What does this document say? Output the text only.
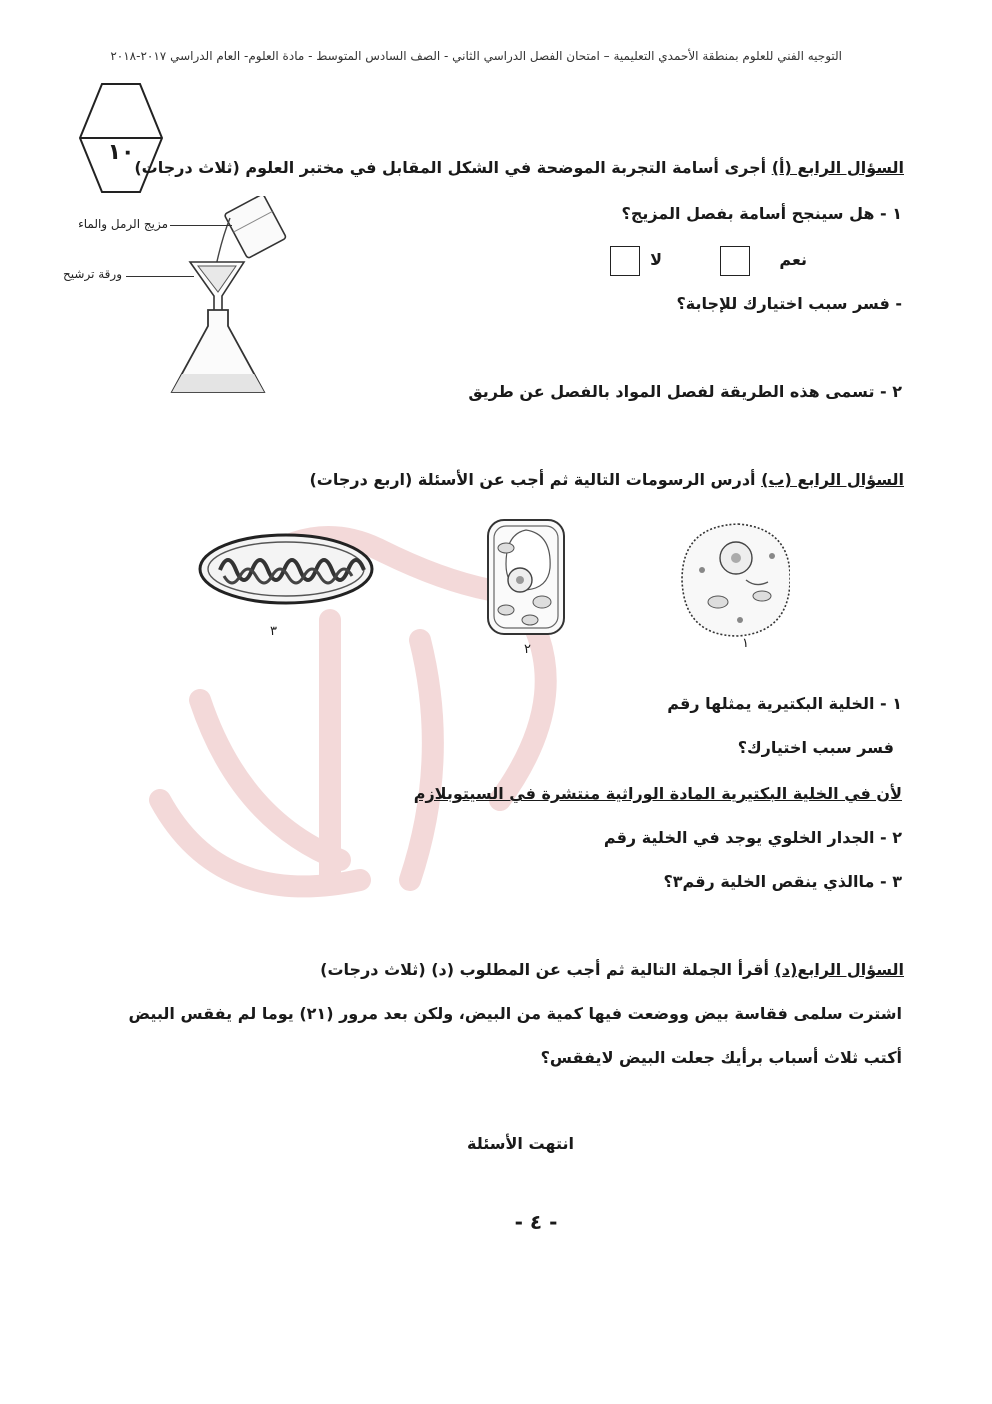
التوجيه الفني للعلوم بمنطقة الأحمدي التعليمية – امتحان الفصل الدراسي الثاني - الصف السادس المتوسط - مادة العلوم- العام الدراسي ٢٠١٧-٢٠١٨
١٠
السؤال الرابع (أ) أجرى أسامة التجربة الموضحة في الشكل المقابل في مختبر العلوم (ثلاث درجات)
١ - هل سينجح أسامة بفصل المزيج؟
نعم
لا
- فسر سبب اختيارك للإجابة؟
٢ - تسمى هذه الطريقة لفصل المواد بالفصل عن طريق
مزيج الرمل والماء
ورقة ترشيح
السؤال الرابع (ب) أدرس الرسومات التالية ثم أجب عن الأسئلة (اربع درجات)
٣
٢	١
١ - الخلية البكتيرية يمثلها رقم
فسر سبب اختيارك؟
لأن في الخلية البكتيرية المادة الوراثية منتشرة في السيتوبلازم
٢ - الجدار الخلوي يوجد في الخلية رقم
٣ - ماالذي ينقص الخلية رقم٣؟
السؤال الرابع(د) أقرأ الجملة التالية ثم أجب عن المطلوب (د) (ثلاث درجات)
اشترت سلمى فقاسة بيض ووضعت فيها كمية من البيض، ولكن بعد مرور (٢١) يوما لم يفقس البيض
أكتب ثلاث أسباب برأيك جعلت البيض لايفقس؟
انتهت الأسئلة
- ٤ -
